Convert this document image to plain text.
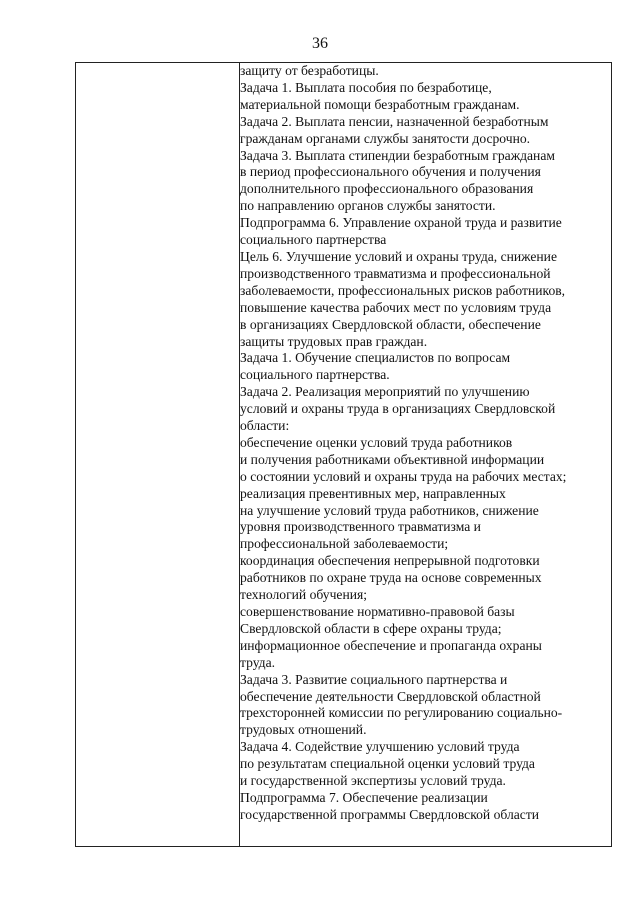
36

защиту от безработицы.
Задача 1. Выплата пособия по безработице,
материальной помощи безработным гражданам.
Задача 2. Выплата пенсии, назначенной безработным
гражданам органами службы занятости досрочно.
Задача 3. Выплата стипендии безработным гражданам
в период профессионального обучения и получения
дополнительного профессионального образования
по направлению органов службы занятости.
Подпрограмма 6. Управление охраной труда и развитие
социального партнерства
Цель 6. Улучшение условий и охраны труда, снижение
производственного травматизма и профессиональной
заболеваемости, профессиональных рисков работников,
повышение качества рабочих мест по условиям труда
в организациях Свердловской области, обеспечение
защиты трудовых прав граждан.
Задача 1. Обучение специалистов по вопросам
социального партнерства.
Задача 2. Реализация мероприятий по улучшению
условий и охраны труда в организациях Свердловской
области:
обеспечение оценки условий труда работников
и получения работниками объективной информации
о состоянии условий и охраны труда на рабочих местах;
реализация превентивных мер, направленных
на улучшение условий труда работников, снижение
уровня производственного травматизма и
профессиональной заболеваемости;
координация обеспечения непрерывной подготовки
работников по охране труда на основе современных
технологий обучения;
совершенствование нормативно-правовой базы
Свердловской области в сфере охраны труда;
информационное обеспечение и пропаганда охраны
труда.
Задача 3. Развитие социального партнерства и
обеспечение деятельности Свердловской областной
трехсторонней комиссии по регулированию социально-
трудовых отношений.
Задача 4. Содействие улучшению условий труда
по результатам специальной оценки условий труда
и государственной экспертизы условий труда.
Подпрограмма 7. Обеспечение реализации
государственной программы Свердловской области
